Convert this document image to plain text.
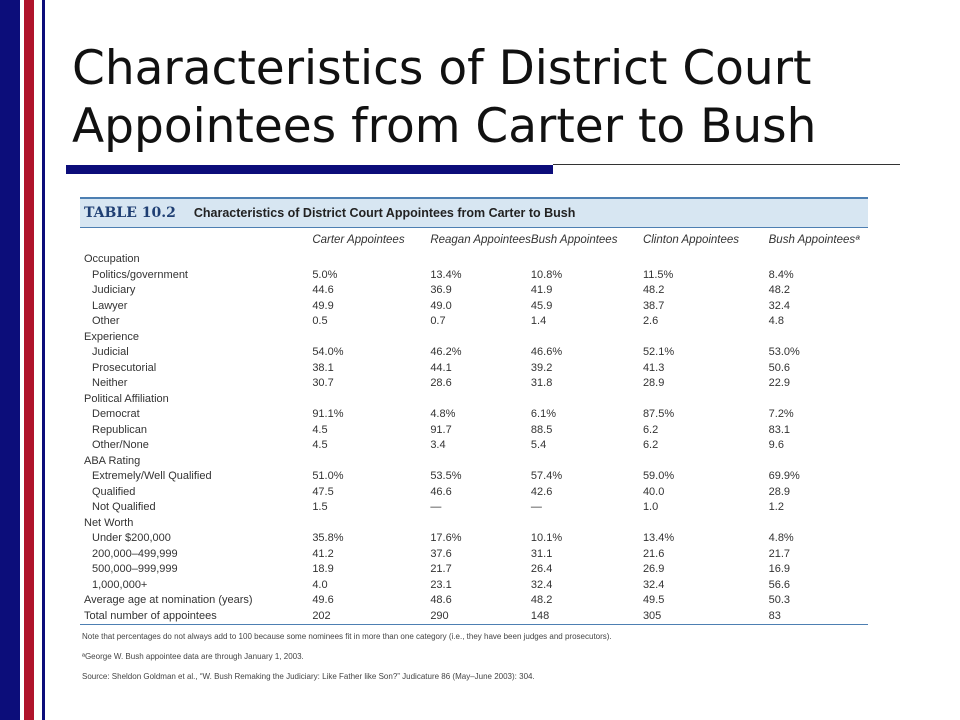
Characteristics of District Court Appointees from Carter to Bush
TABLE 10.2 Characteristics of District Court Appointees from Carter to Bush
	Carter Appointees	Reagan Appointees	Bush Appointees	Clinton Appointees	Bush Appointeesª
Occupation					
Politics/government	5.0%	13.4%	10.8%	11.5%	8.4%
Judiciary	44.6	36.9	41.9	48.2	48.2
Lawyer	49.9	49.0	45.9	38.7	32.4
Other	0.5	0.7	1.4	2.6	4.8
Experience					
Judicial	54.0%	46.2%	46.6%	52.1%	53.0%
Prosecutorial	38.1	44.1	39.2	41.3	50.6
Neither	30.7	28.6	31.8	28.9	22.9
Political Affiliation					
Democrat	91.1%	4.8%	6.1%	87.5%	7.2%
Republican	4.5	91.7	88.5	6.2	83.1
Other/None	4.5	3.4	5.4	6.2	9.6
ABA Rating					
Extremely/Well Qualified	51.0%	53.5%	57.4%	59.0%	69.9%
Qualified	47.5	46.6	42.6	40.0	28.9
Not Qualified	1.5	—	—	1.0	1.2
Net Worth					
Under $200,000	35.8%	17.6%	10.1%	13.4%	4.8%
200,000–499,999	41.2	37.6	31.1	21.6	21.7
500,000–999,999	18.9	21.7	26.4	26.9	16.9
1,000,000+	4.0	23.1	32.4	32.4	56.6
Average age at nomination (years)	49.6	48.6	48.2	49.5	50.3
Total number of appointees	202	290	148	305	83
Note that percentages do not always add to 100 because some nominees fit in more than one category (i.e., they have been judges and prosecutors).
ªGeorge W. Bush appointee data are through January 1, 2003.
Source: Sheldon Goldman et al., “W. Bush Remaking the Judiciary: Like Father like Son?” Judicature 86 (May–June 2003): 304.
